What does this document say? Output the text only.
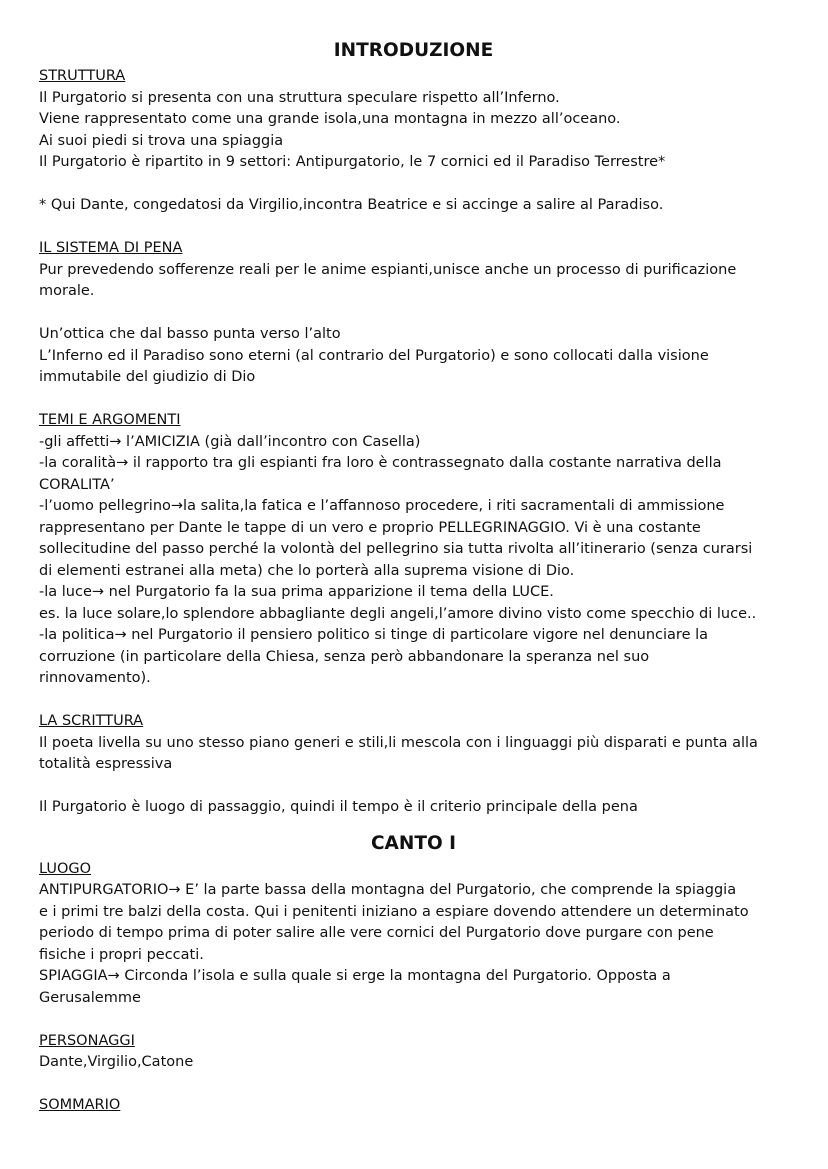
INTRODUZIONE

STRUTTURA

Il Purgatorio si presenta con una struttura speculare rispetto all’Inferno.

Viene rappresentato come una grande isola,una montagna in mezzo all’oceano.

Ai suoi piedi si trova una spiaggia

Il Purgatorio è ripartito in 9 settori: Antipurgatorio, le 7 cornici ed il Paradiso Terrestre*

* Qui Dante, congedatosi da Virgilio,incontra Beatrice e si accinge a salire al Paradiso.

IL SISTEMA DI PENA

Pur prevedendo sofferenze reali per le anime espianti,unisce anche un processo di purificazione

morale.

Un’ottica che dal basso punta verso l’alto

L’Inferno ed il Paradiso sono eterni (al contrario del Purgatorio) e sono collocati dalla visione

immutabile del giudizio di Dio

TEMI E ARGOMENTI

-gli affetti→ l’AMICIZIA (già dall’incontro con Casella)

-la coralità→ il rapporto tra gli espianti fra loro è contrassegnato dalla costante narrativa della

CORALITA’

-l’uomo pellegrino→la salita,la fatica e l’affannoso procedere, i riti sacramentali di ammissione

rappresentano per Dante le tappe di un vero e proprio PELLEGRINAGGIO. Vi è una costante

sollecitudine del passo perché la volontà del pellegrino sia tutta rivolta all’itinerario (senza curarsi

di elementi estranei alla meta) che lo porterà alla suprema visione di Dio.

-la luce→ nel Purgatorio fa la sua prima apparizione il tema della LUCE.

es. la luce solare,lo splendore abbagliante degli angeli,l’amore divino visto come specchio di luce..

-la politica→ nel Purgatorio il pensiero politico si tinge di particolare vigore nel denunciare la

corruzione (in particolare della Chiesa, senza però abbandonare la speranza nel suo

rinnovamento).

LA SCRITTURA

Il poeta livella su uno stesso piano generi e stili,li mescola con i linguaggi più disparati e punta alla

totalità espressiva

Il Purgatorio è luogo di passaggio, quindi il tempo è il criterio principale della pena

CANTO I

LUOGO

ANTIPURGATORIO→ E’ la parte bassa della montagna del Purgatorio, che comprende la spiaggia

e i primi tre balzi della costa. Qui i penitenti iniziano a espiare dovendo attendere un determinato

periodo di tempo prima di poter salire alle vere cornici del Purgatorio dove purgare con pene

fisiche i propri peccati.

SPIAGGIA→ Circonda l’isola e sulla quale si erge la montagna del Purgatorio. Opposta a

Gerusalemme

PERSONAGGI

Dante,Virgilio,Catone

SOMMARIO
